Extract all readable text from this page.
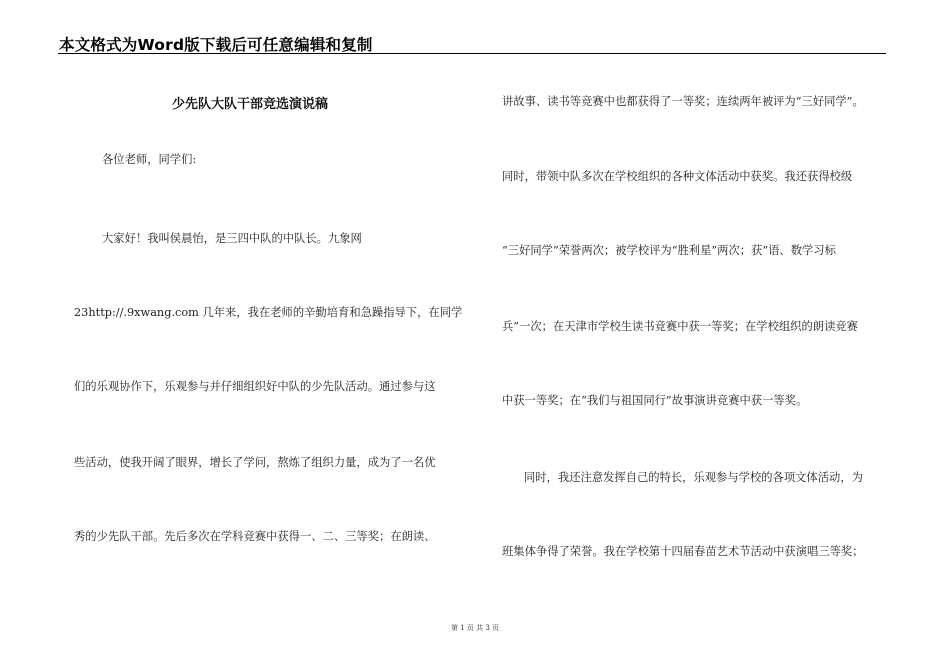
本文格式为Word版下载后可任意编辑和复制
少先队大队干部竞选演说稿
各位老师，同学们:
大家好！我叫侯晨怡，是三四中队的中队长。九象网
23http://.9xwang.com 几年来，我在老师的辛勤培育和急躁指导下，在同学
们的乐观协作下，乐观参与并仔细组织好中队的少先队活动。通过参与这
些活动，使我开阔了眼界，增长了学问，熬炼了组织力量，成为了一名优
秀的少先队干部。先后多次在学科竞赛中获得一、二、三等奖；在朗读、
讲故事、读书等竞赛中也都获得了一等奖；连续两年被评为“三好同学”。
同时，带领中队多次在学校组织的各种文体活动中获奖。我还获得校级
“三好同学”荣誉两次；被学校评为“胜利星”两次；获“语、数学习标
兵”一次；在天津市学校生读书竞赛中获一等奖；在学校组织的朗读竞赛
中获一等奖；在“我们与祖国同行”故事演讲竞赛中获一等奖。
同时，我还注意发挥自己的特长，乐观参与学校的各项文体活动，为
班集体争得了荣誉。我在学校第十四届春苗艺术节活动中获演唱三等奖；
第 1 页 共 3 页
